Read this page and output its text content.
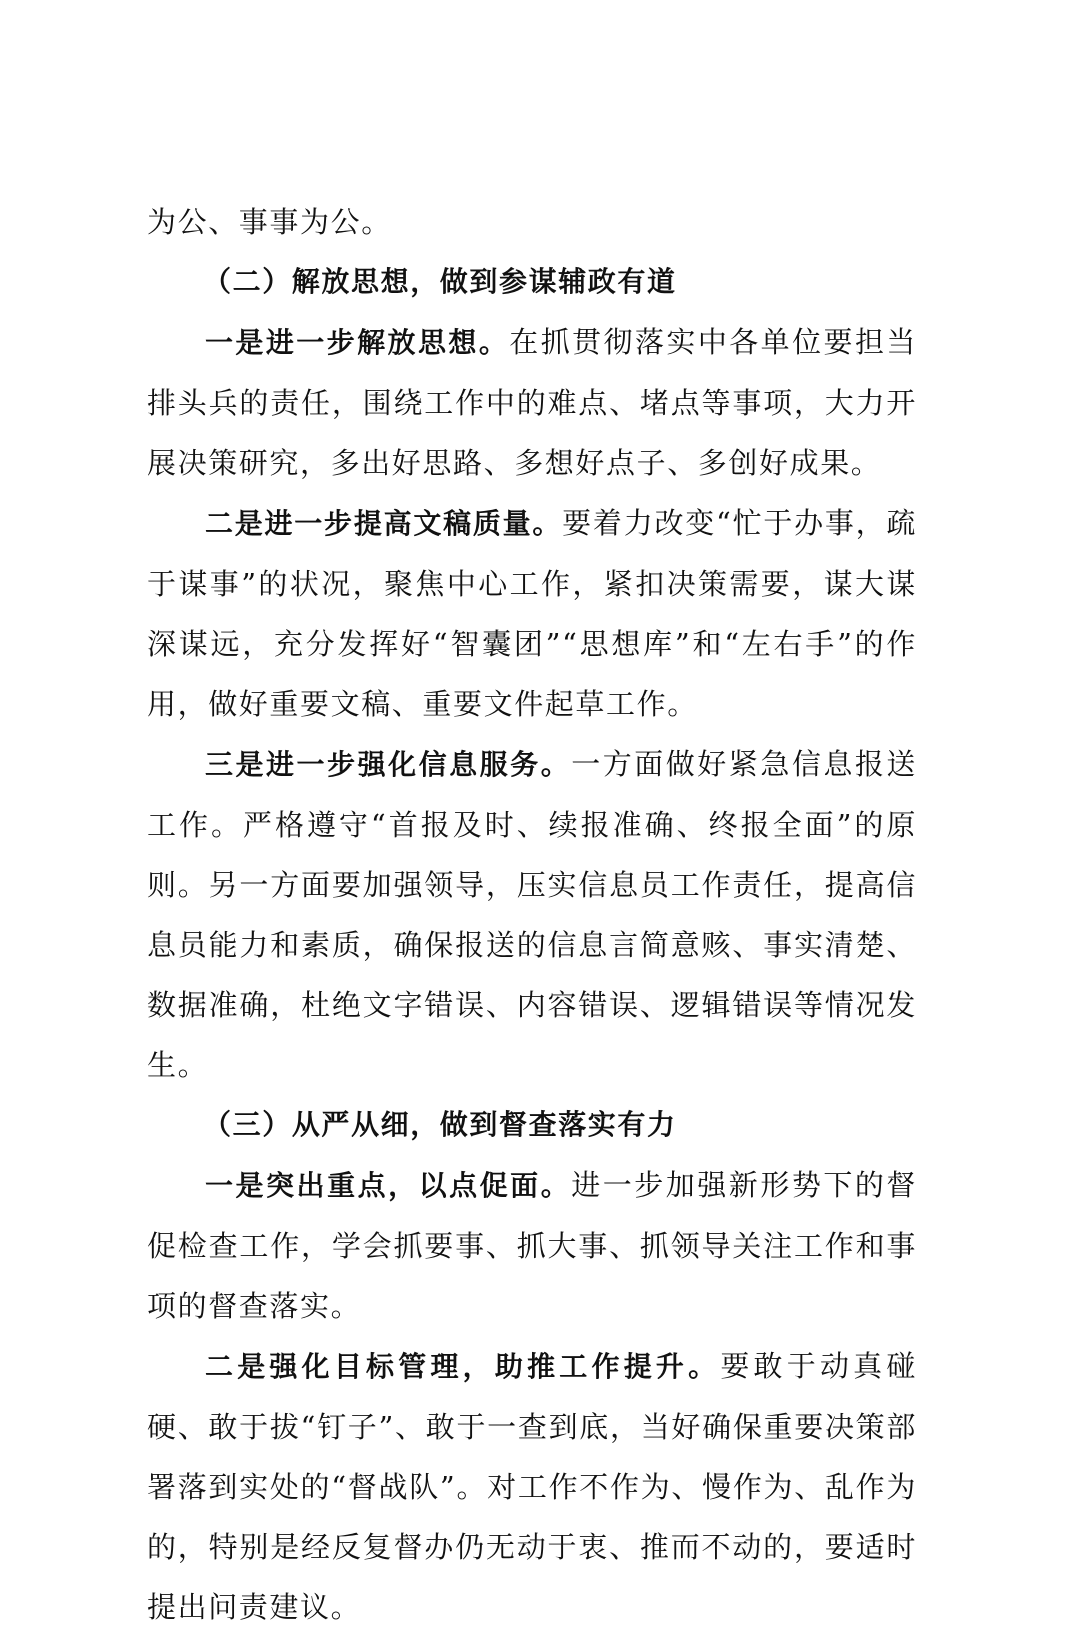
为公、事事为公。

（二）解放思想，做到参谋辅政有道

一是进一步解放思想。在抓贯彻落实中各单位要担当排头兵的责任，围绕工作中的难点、堵点等事项，大力开展决策研究，多出好思路、多想好点子、多创好成果。

二是进一步提高文稿质量。要着力改变“忙于办事，疏于谋事”的状况，聚焦中心工作，紧扣决策需要，谋大谋深谋远，充分发挥好“智囊团”“思想库”和“左右手”的作用，做好重要文稿、重要文件起草工作。

三是进一步强化信息服务。一方面做好紧急信息报送工作。严格遵守“首报及时、续报准确、终报全面”的原则。另一方面要加强领导，压实信息员工作责任，提高信息员能力和素质，确保报送的信息言简意赅、事实清楚、数据准确，杜绝文字错误、内容错误、逻辑错误等情况发生。

（三）从严从细，做到督查落实有力

一是突出重点，以点促面。进一步加强新形势下的督促检查工作，学会抓要事、抓大事、抓领导关注工作和事项的督查落实。

二是强化目标管理，助推工作提升。要敢于动真碰硬、敢于拔“钉子”、敢于一查到底，当好确保重要决策部署落到实处的“督战队”。对工作不作为、慢作为、乱作为的，特别是经反复督办仍无动于衷、推而不动的，要适时提出问责建议。
